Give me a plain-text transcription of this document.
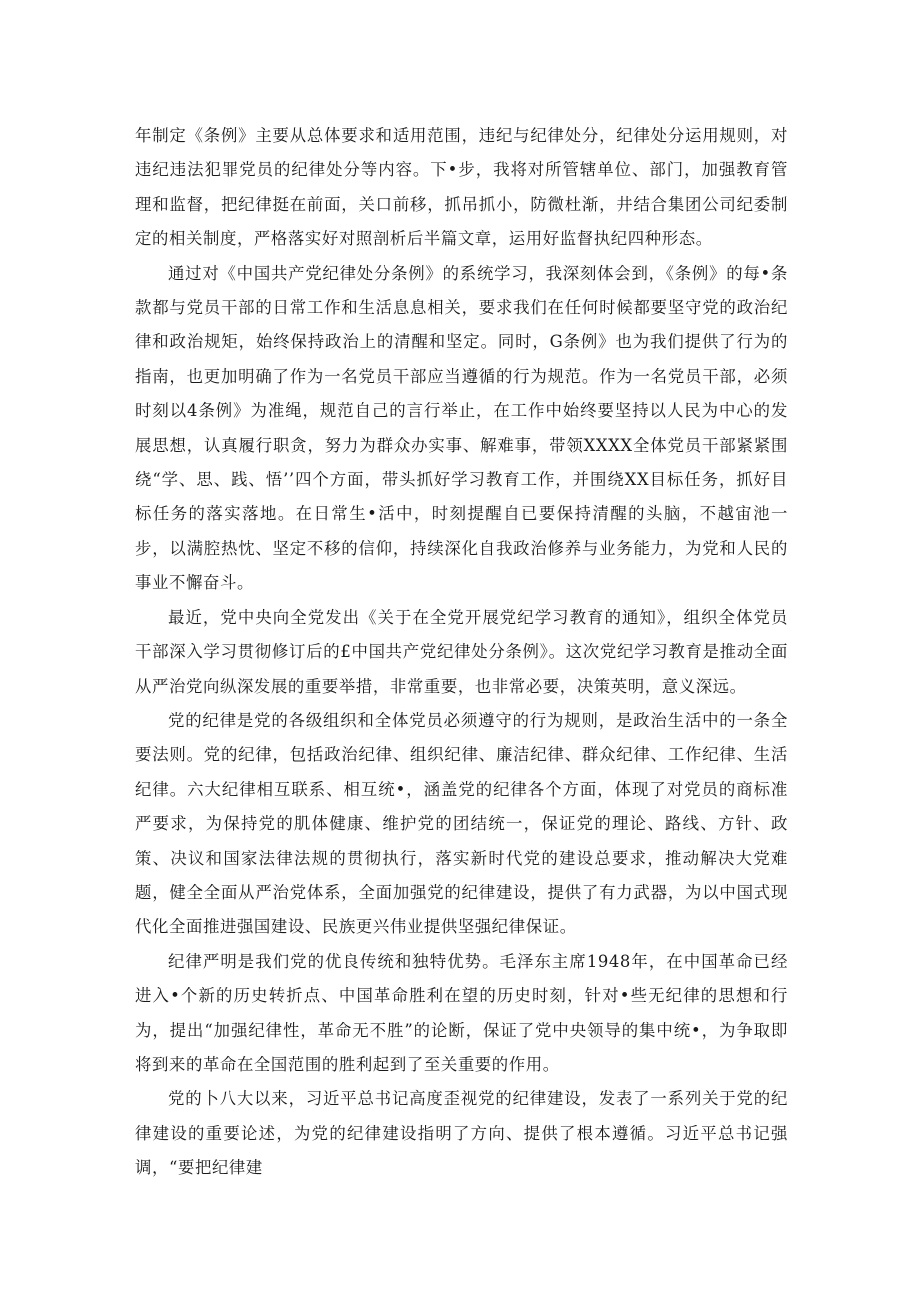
年制定《条例》主要从总体要求和适用范围，违纪与纪律处分，纪律处分运用规则，对违纪违法犯罪党员的纪律处分等内容。下•步，我将对所管辖单位、部门，加强教育管理和监督，把纪律挺在前面，关口前移，抓吊抓小，防微杜渐，井结合集团公司纪委制定的相关制度，严格落实好对照剖析后半篇文章，运用好监督执纪四种形态。

通过对《中国共产党纪律处分条例》的系统学习，我深刻体会到，《条例》的每•条款都与党员干部的日常工作和生活息息相关，要求我们在任何时候都要坚守党的政治纪律和政治规矩，始终保持政治上的清醒和坚定。同时，G条例》也为我们提供了行为的指南，也更加明确了作为一名党员干部应当遵循的行为规范。作为一名党员干部，必须时刻以4条例》为准绳，规范自己的言行举止，在工作中始终要坚持以人民为中心的发展思想，认真履行职贪，努力为群众办实事、解难事，带领XXXX全体党员干部紧紧围绕“学、思、践、悟’’四个方面，带头抓好学习教育工作，并围绕XX目标任务，抓好目标任务的落实落地。在日常生•活中，时刻提醒自已要保持清醒的头脑，不越宙池一步，以满腔热忱、坚定不移的信仰，持续深化自我政治修养与业务能力，为党和人民的事业不懈奋斗。

最近，党中央向全党发出《关于在全党开展党纪学习教育的通知》，组织全体党员干部深入学习贯彻修订后的£中国共产党纪律处分条例》。这次党纪学习教育是推动全面从严治党向纵深发展的重要举措，非常重要，也非常必要，决策英明，意义深远。

党的纪律是党的各级组织和全体党员必须遵守的行为规则，是政治生活中的一条全要法则。党的纪律，包括政治纪律、组织纪律、廉洁纪律、群众纪律、工作纪律、生活纪律。六大纪律相互联系、相互统•，涵盖党的纪律各个方面，体现了对党员的商标准严要求，为保持党的肌体健康、维护党的团结统一，保证党的理论、路线、方针、政策、决议和国家法律法规的贯彻执行，落实新时代党的建设总要求，推动解决大党难题，健全全面从严治党体系，全面加强党的纪律建设，提供了有力武器，为以中国式现代化全面推进强国建设、民族更兴伟业提供坚强纪律保证。

纪律严明是我们党的优良传统和独特优势。毛泽东主席1948年，在中国革命已经进入•个新的历史转折点、中国革命胜利在望的历史时刻，针对•些无纪律的思想和行为，提出“加强纪律性，革命无不胜”的论断，保证了党中央领导的集中统•，为争取即将到来的革命在全国范围的胜利起到了至关重要的作用。

党的卜八大以来，习近平总书记高度歪视党的纪律建设，发表了一系列关于党的纪律建设的重要论述，为党的纪律建设指明了方向、提供了根本遵循。习近平总书记强调，“要把纪律建
